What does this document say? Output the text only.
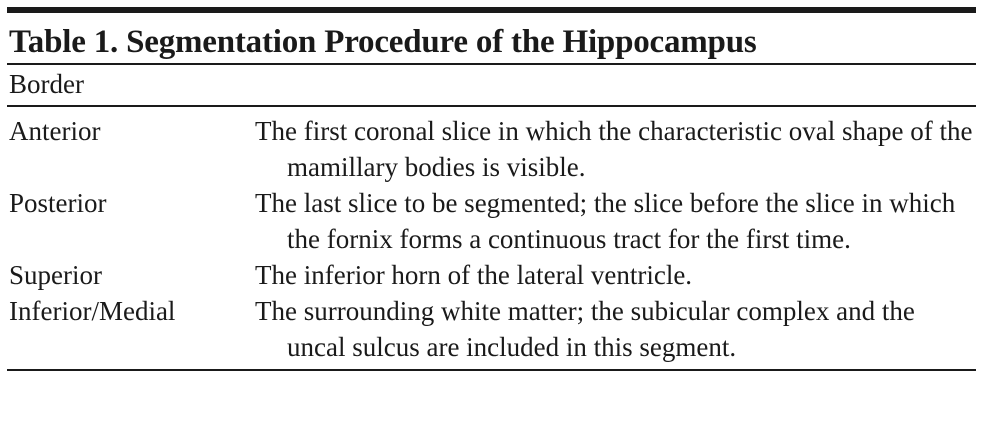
Table 1. Segmentation Procedure of the Hippocampus
Border
Anterior	The first coronal slice in which the characteristic oval shape of the mamillary bodies is visible.
Posterior	The last slice to be segmented; the slice before the slice in which the fornix forms a continuous tract for the first time.
Superior	The inferior horn of the lateral ventricle.
Inferior/Medial	The surrounding white matter; the subicular complex and the uncal sulcus are included in this segment.
